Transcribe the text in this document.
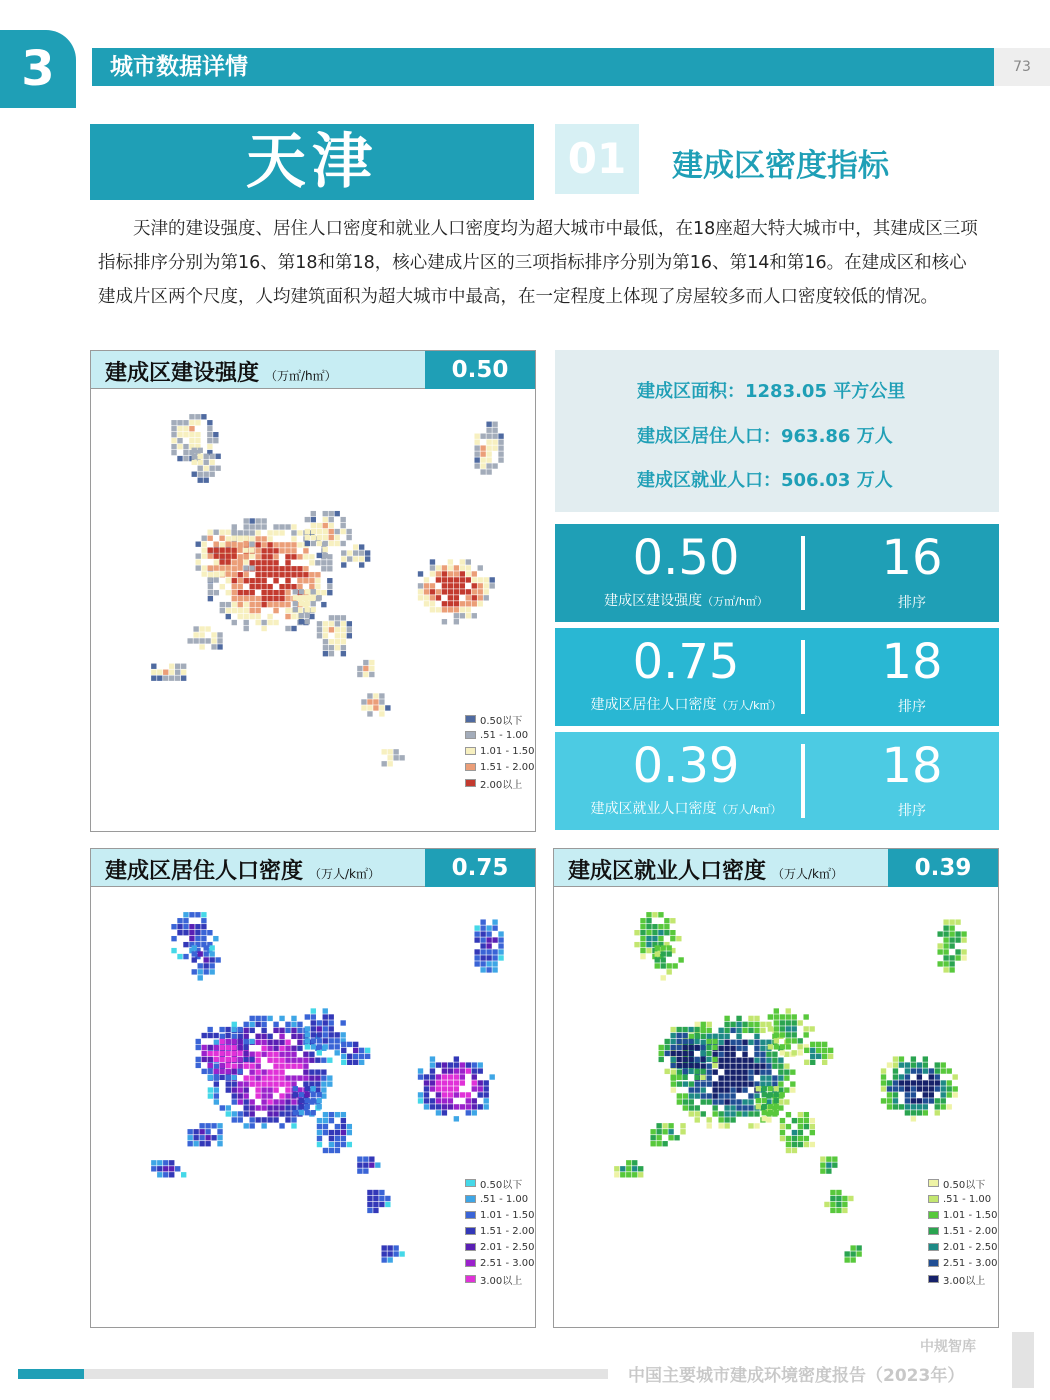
3	城市数据详情	73
天津	01	建成区密度指标

天津的建设强度、居住人口密度和就业人口密度均为超大城市中最低，在18座超大特大城市中，其建成区三项指标排序分别为第16、第18和第18，核心建成片区的三项指标排序分别为第16、第14和第16。在建成区和核心建成片区两个尺度，人均建筑面积为超大城市中最高，在一定程度上体现了房屋较多而人口密度较低的情况。

建成区建设强度 （万㎡/h㎡）	0.50
0.50以下
.51 - 1.00
1.01 - 1.50
1.51 - 2.00
2.00以上
建成区面积：1283.05 平方公里
建成区居住人口：963.86 万人
建成区就业人口：506.03 万人
0.50
建成区建设强度（万㎡/h㎡）
16
排序
0.75
建成区居住人口密度（万人/k㎡）
18
排序
0.39
建成区就业人口密度（万人/k㎡）
18
排序
建成区居住人口密度 （万人/k㎡）	0.75
0.50以下
.51 - 1.00
1.01 - 1.50
1.51 - 2.00
2.01 - 2.50
2.51 - 3.00
3.00以上
建成区就业人口密度 （万人/k㎡）	0.39
0.50以下
.51 - 1.00
1.01 - 1.50
1.51 - 2.00
2.01 - 2.50
2.51 - 3.00
3.00以上
中规智库
中国主要城市建成环境密度报告（2023年）
